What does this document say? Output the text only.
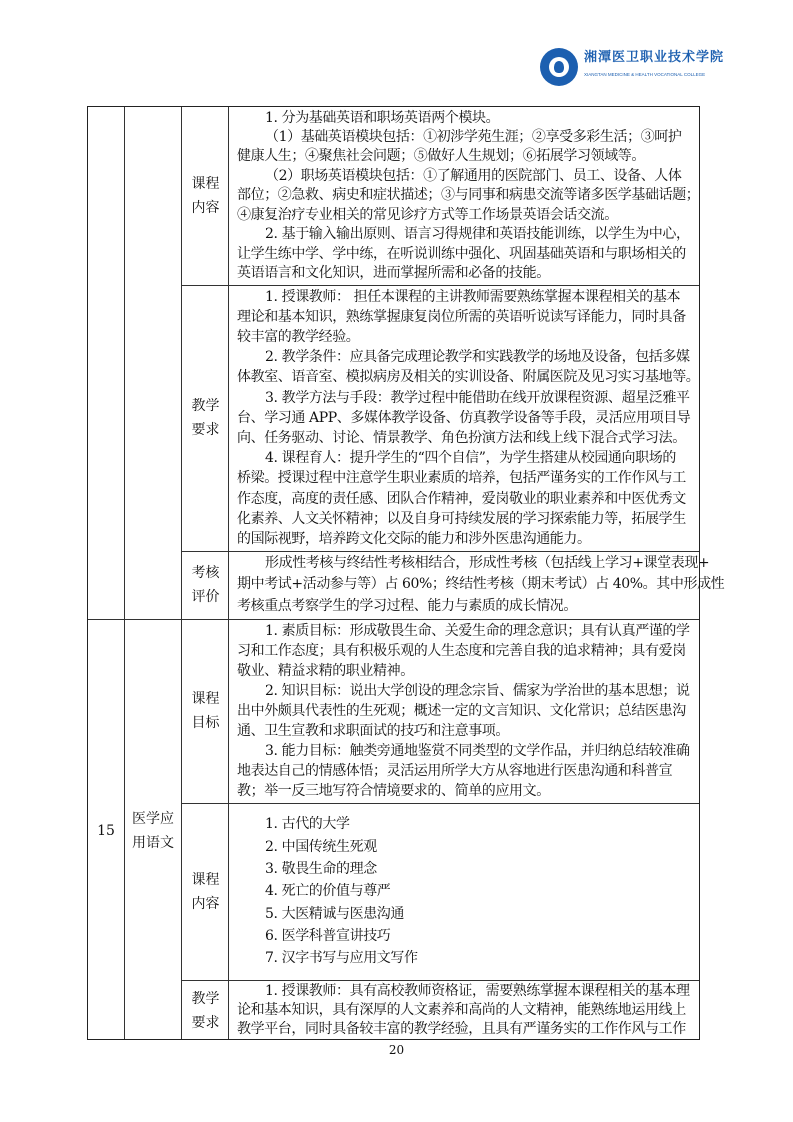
湘潭医卫职业技术学院
XIANGTAN MEDICINE & HEALTH VOCATIONAL COLLEGE
课程
内容
1. 分为基础英语和职场英语两个模块。
（1）基础英语模块包括：①初涉学苑生涯；②享受多彩生活；③呵护
健康人生；④聚焦社会问题；⑤做好人生规划；⑥拓展学习领域等。
（2）职场英语模块包括：①了解通用的医院部门、员工、设备、人体
部位；②急救、病史和症状描述；③与同事和病患交流等诸多医学基础话题；
④康复治疗专业相关的常见诊疗方式等工作场景英语会话交流。
2. 基于输入输出原则、语言习得规律和英语技能训练，以学生为中心，
让学生练中学、学中练，在听说训练中强化、巩固基础英语和与职场相关的
英语语言和文化知识，进而掌握所需和必备的技能。
教学
要求
1. 授课教师： 担任本课程的主讲教师需要熟练掌握本课程相关的基本
理论和基本知识，熟练掌握康复岗位所需的英语听说读写译能力，同时具备
较丰富的教学经验。
2. 教学条件：应具备完成理论教学和实践教学的场地及设备，包括多媒
体教室、语音室、模拟病房及相关的实训设备、附属医院及见习实习基地等。
3. 教学方法与手段：教学过程中能借助在线开放课程资源、超星泛雅平
台、学习通 APP、多媒体教学设备、仿真教学设备等手段，灵活应用项目导
向、任务驱动、讨论、情景教学、角色扮演方法和线上线下混合式学习法。
4. 课程育人：提升学生的“四个自信”，为学生搭建从校园通向职场的
桥梁。授课过程中注意学生职业素质的培养，包括严谨务实的工作作风与工
作态度，高度的责任感、团队合作精神，爱岗敬业的职业素养和中医优秀文
化素养、人文关怀精神；以及自身可持续发展的学习探索能力等，拓展学生
的国际视野，培养跨文化交际的能力和涉外医患沟通能力。
考核
评价
形成性考核与终结性考核相结合，形成性考核（包括线上学习+课堂表现+
期中考试+活动参与等）占 60%；终结性考核（期末考试）占 40%。其中形成性
考核重点考察学生的学习过程、能力与素质的成长情况。
课程
目标
1. 素质目标：形成敬畏生命、关爱生命的理念意识；具有认真严谨的学
习和工作态度；具有积极乐观的人生态度和完善自我的追求精神；具有爱岗
敬业、精益求精的职业精神。
2. 知识目标：说出大学创设的理念宗旨、儒家为学治世的基本思想；说
出中外颇具代表性的生死观；概述一定的文言知识、文化常识；总结医患沟
通、卫生宣教和求职面试的技巧和注意事项。
3. 能力目标：触类旁通地鉴赏不同类型的文学作品，并归纳总结较准确
地表达自己的情感体悟；灵活运用所学大方从容地进行医患沟通和科普宣
教；举一反三地写符合情境要求的、简单的应用文。
课程
内容
1. 古代的大学
2. 中国传统生死观
3. 敬畏生命的理念
4. 死亡的价值与尊严
5. 大医精诚与医患沟通
6. 医学科普宣讲技巧
7. 汉字书写与应用文写作
教学
要求
1. 授课教师：具有高校教师资格证，需要熟练掌握本课程相关的基本理
论和基本知识，具有深厚的人文素养和高尚的人文精神，能熟练地运用线上
教学平台，同时具备较丰富的教学经验，且具有严谨务实的工作作风与工作
15
医学应
用语文
20
